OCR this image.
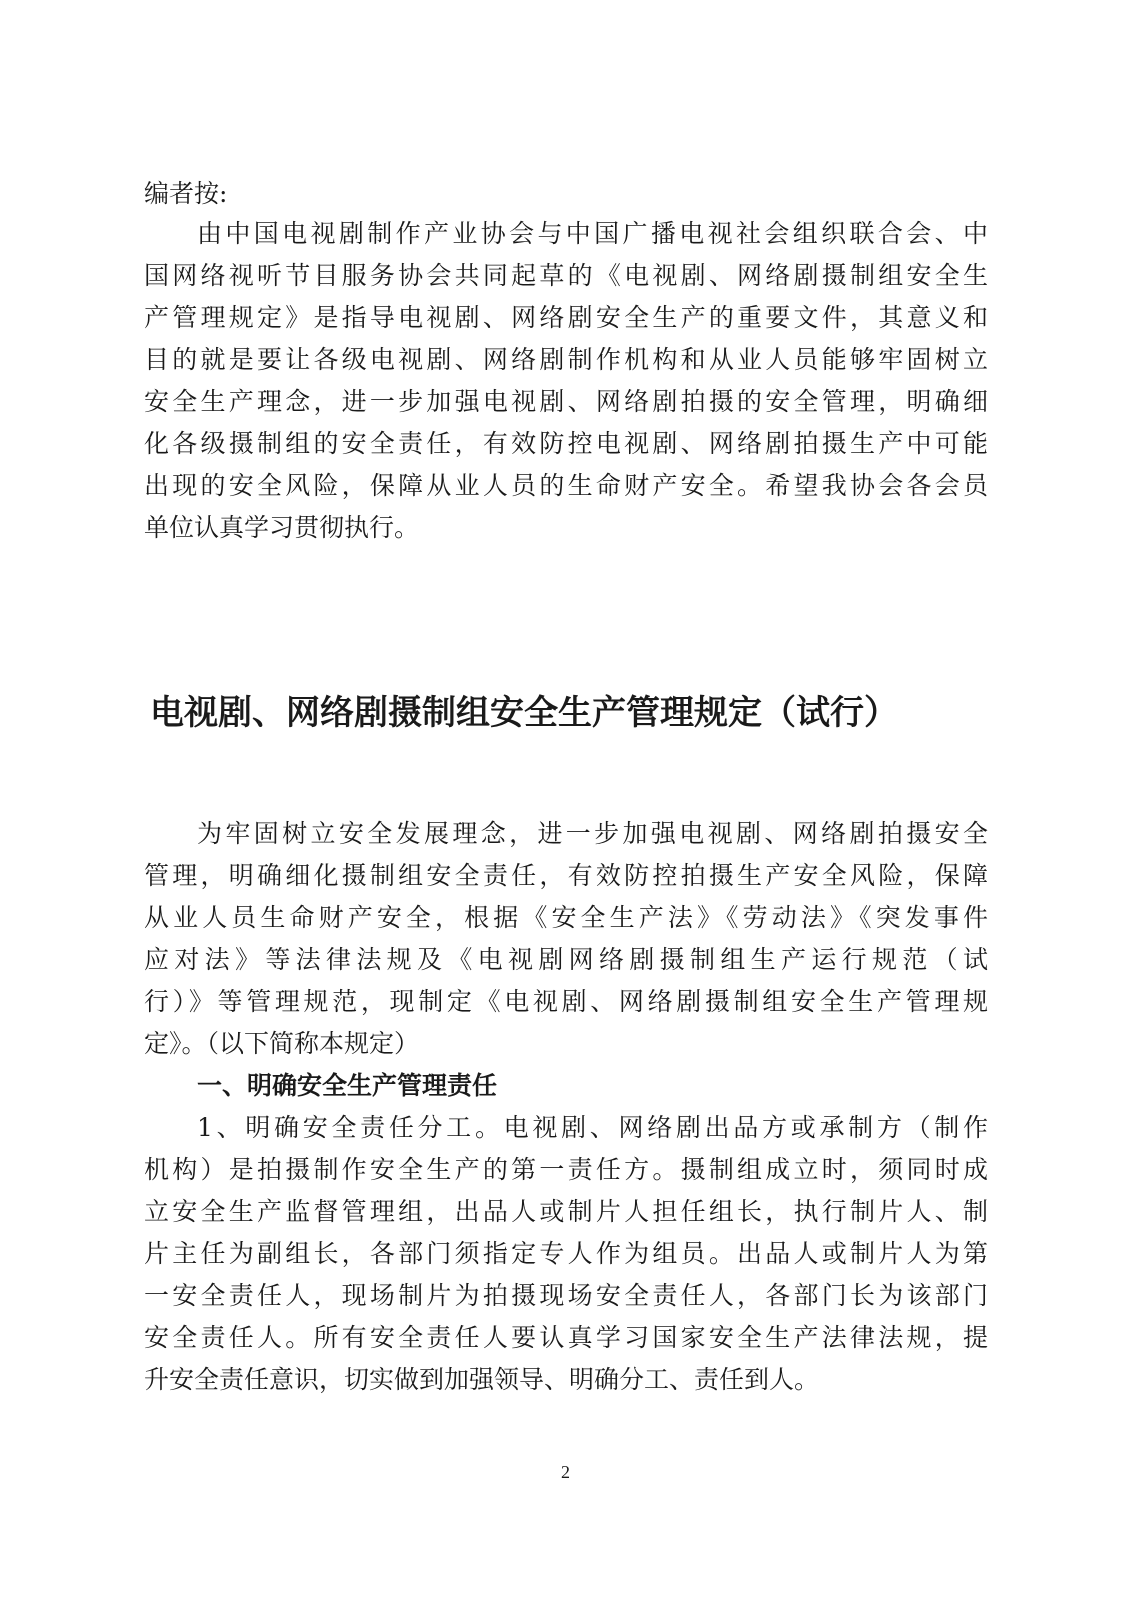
编者按:
由中国电视剧制作产业协会与中国广播电视社会组织联合会、中
国网络视听节目服务协会共同起草的《电视剧、网络剧摄制组安全生
产管理规定》是指导电视剧、网络剧安全生产的重要文件，其意义和
目的就是要让各级电视剧、网络剧制作机构和从业人员能够牢固树立
安全生产理念，进一步加强电视剧、网络剧拍摄的安全管理，明确细
化各级摄制组的安全责任，有效防控电视剧、网络剧拍摄生产中可能
出现的安全风险，保障从业人员的生命财产安全。希望我协会各会员
单位认真学习贯彻执行。
电视剧、网络剧摄制组安全生产管理规定（试行）
为牢固树立安全发展理念，进一步加强电视剧、网络剧拍摄安全
管理，明确细化摄制组安全责任，有效防控拍摄生产安全风险，保障
从业人员生命财产安全，根据《安全生产法》《劳动法》《突发事件
应对法》等法律法规及《电视剧网络剧摄制组生产运行规范（试
行）》等管理规范，现制定《电视剧、网络剧摄制组安全生产管理规
定》。（以下简称本规定）
一、明确安全生产管理责任
1、明确安全责任分工。电视剧、网络剧出品方或承制方（制作
机构）是拍摄制作安全生产的第一责任方。摄制组成立时，须同时成
立安全生产监督管理组，出品人或制片人担任组长，执行制片人、制
片主任为副组长，各部门须指定专人作为组员。出品人或制片人为第
一安全责任人，现场制片为拍摄现场安全责任人，各部门长为该部门
安全责任人。所有安全责任人要认真学习国家安全生产法律法规，提
升安全责任意识，切实做到加强领导、明确分工、责任到人。
2
